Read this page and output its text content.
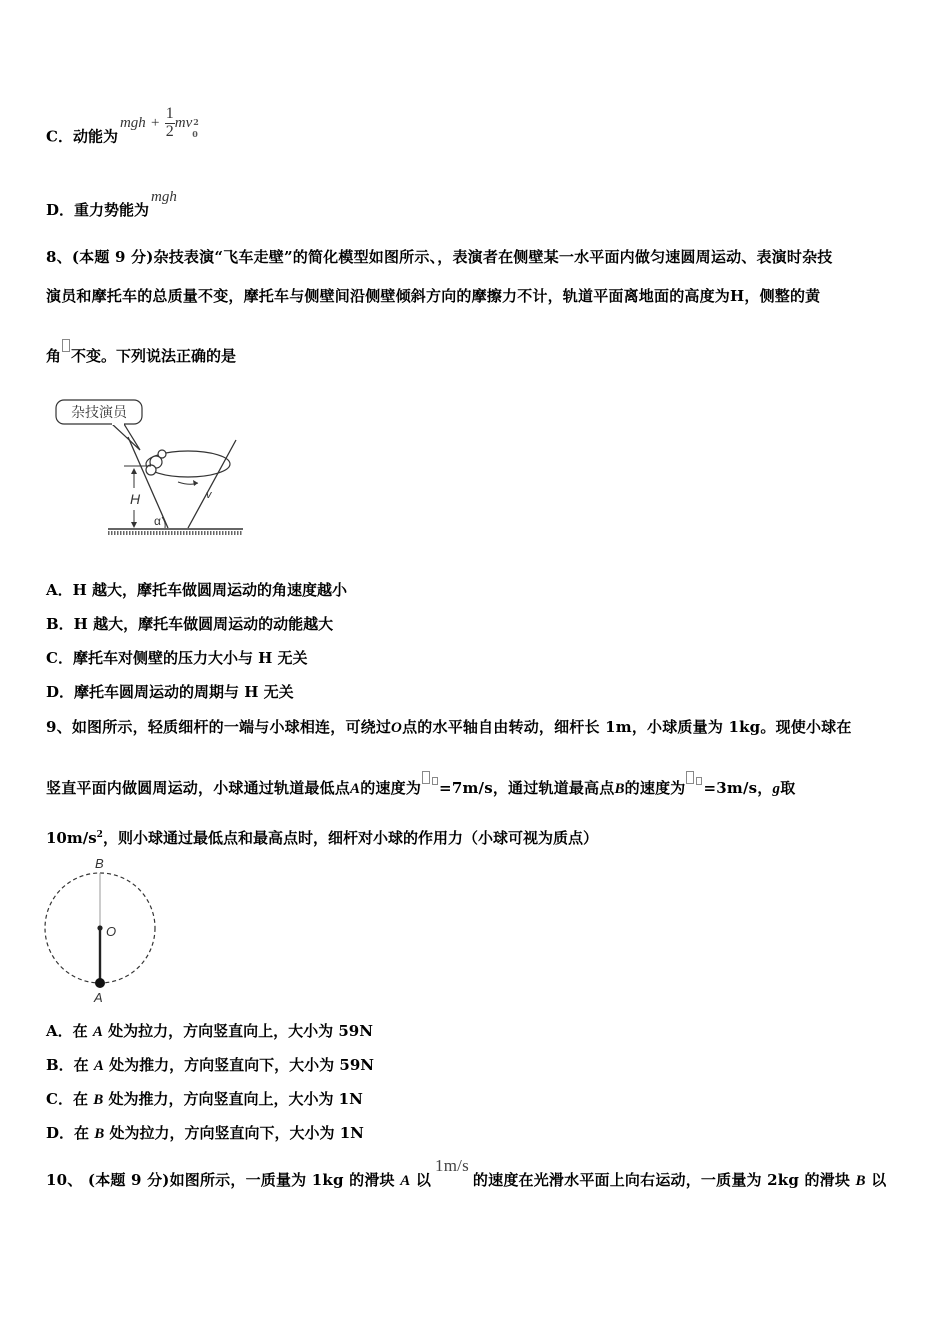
C．动能为mgh + $\frac{1}{2}$ mv 2
0
D．重力势能为mgh
8、(本题 9 分)杂技表演“飞车走壁”的简化模型如图所示、，表演者在侧壁某一水平面内做匀速圆周运动、表演时杂技
演员和摩托车的总质量不变，摩托车与侧壁间沿侧壁倾斜方向的摩擦力不计，轨道平面离地面的高度为H，侧整的黄
角 不变。下列说法正确的是
杂技演员
v
H
α
A．H 越大，摩托车做圆周运动的角速度越小
B．H 越大，摩托车做圆周运动的动能越大
C．摩托车对侧壁的压力大小与 H 无关
D．摩托车圆周运动的周期与 H 无关
9、如图所示，轻质细杆的一端与小球相连，可绕过O点的水平轴自由转动，细杆长 1m，小球质量为 1kg。现使小球在
竖直平面内做圆周运动，小球通过轨道最低点A的速度为 =7m/s，通过轨道最高点B的速度为 =3m/s，g取
$10m/s^2$，则小球通过最低点和最高点时，细杆对小球的作用力（小球可视为质点）
B
O
A
A．在 A 处为拉力，方向竖直向上，大小为 59N
B．在 A 处为推力，方向竖直向下，大小为 59N
C．在 B 处为推力，方向竖直向上，大小为 1N
D．在 B 处为拉力，方向竖直向下，大小为 1N
10、 (本题 9 分)如图所示，一质量为 1kg 的滑块 A 以1m/s的速度在光滑水平面上向右运动，一质量为 2kg 的滑块 B 以
